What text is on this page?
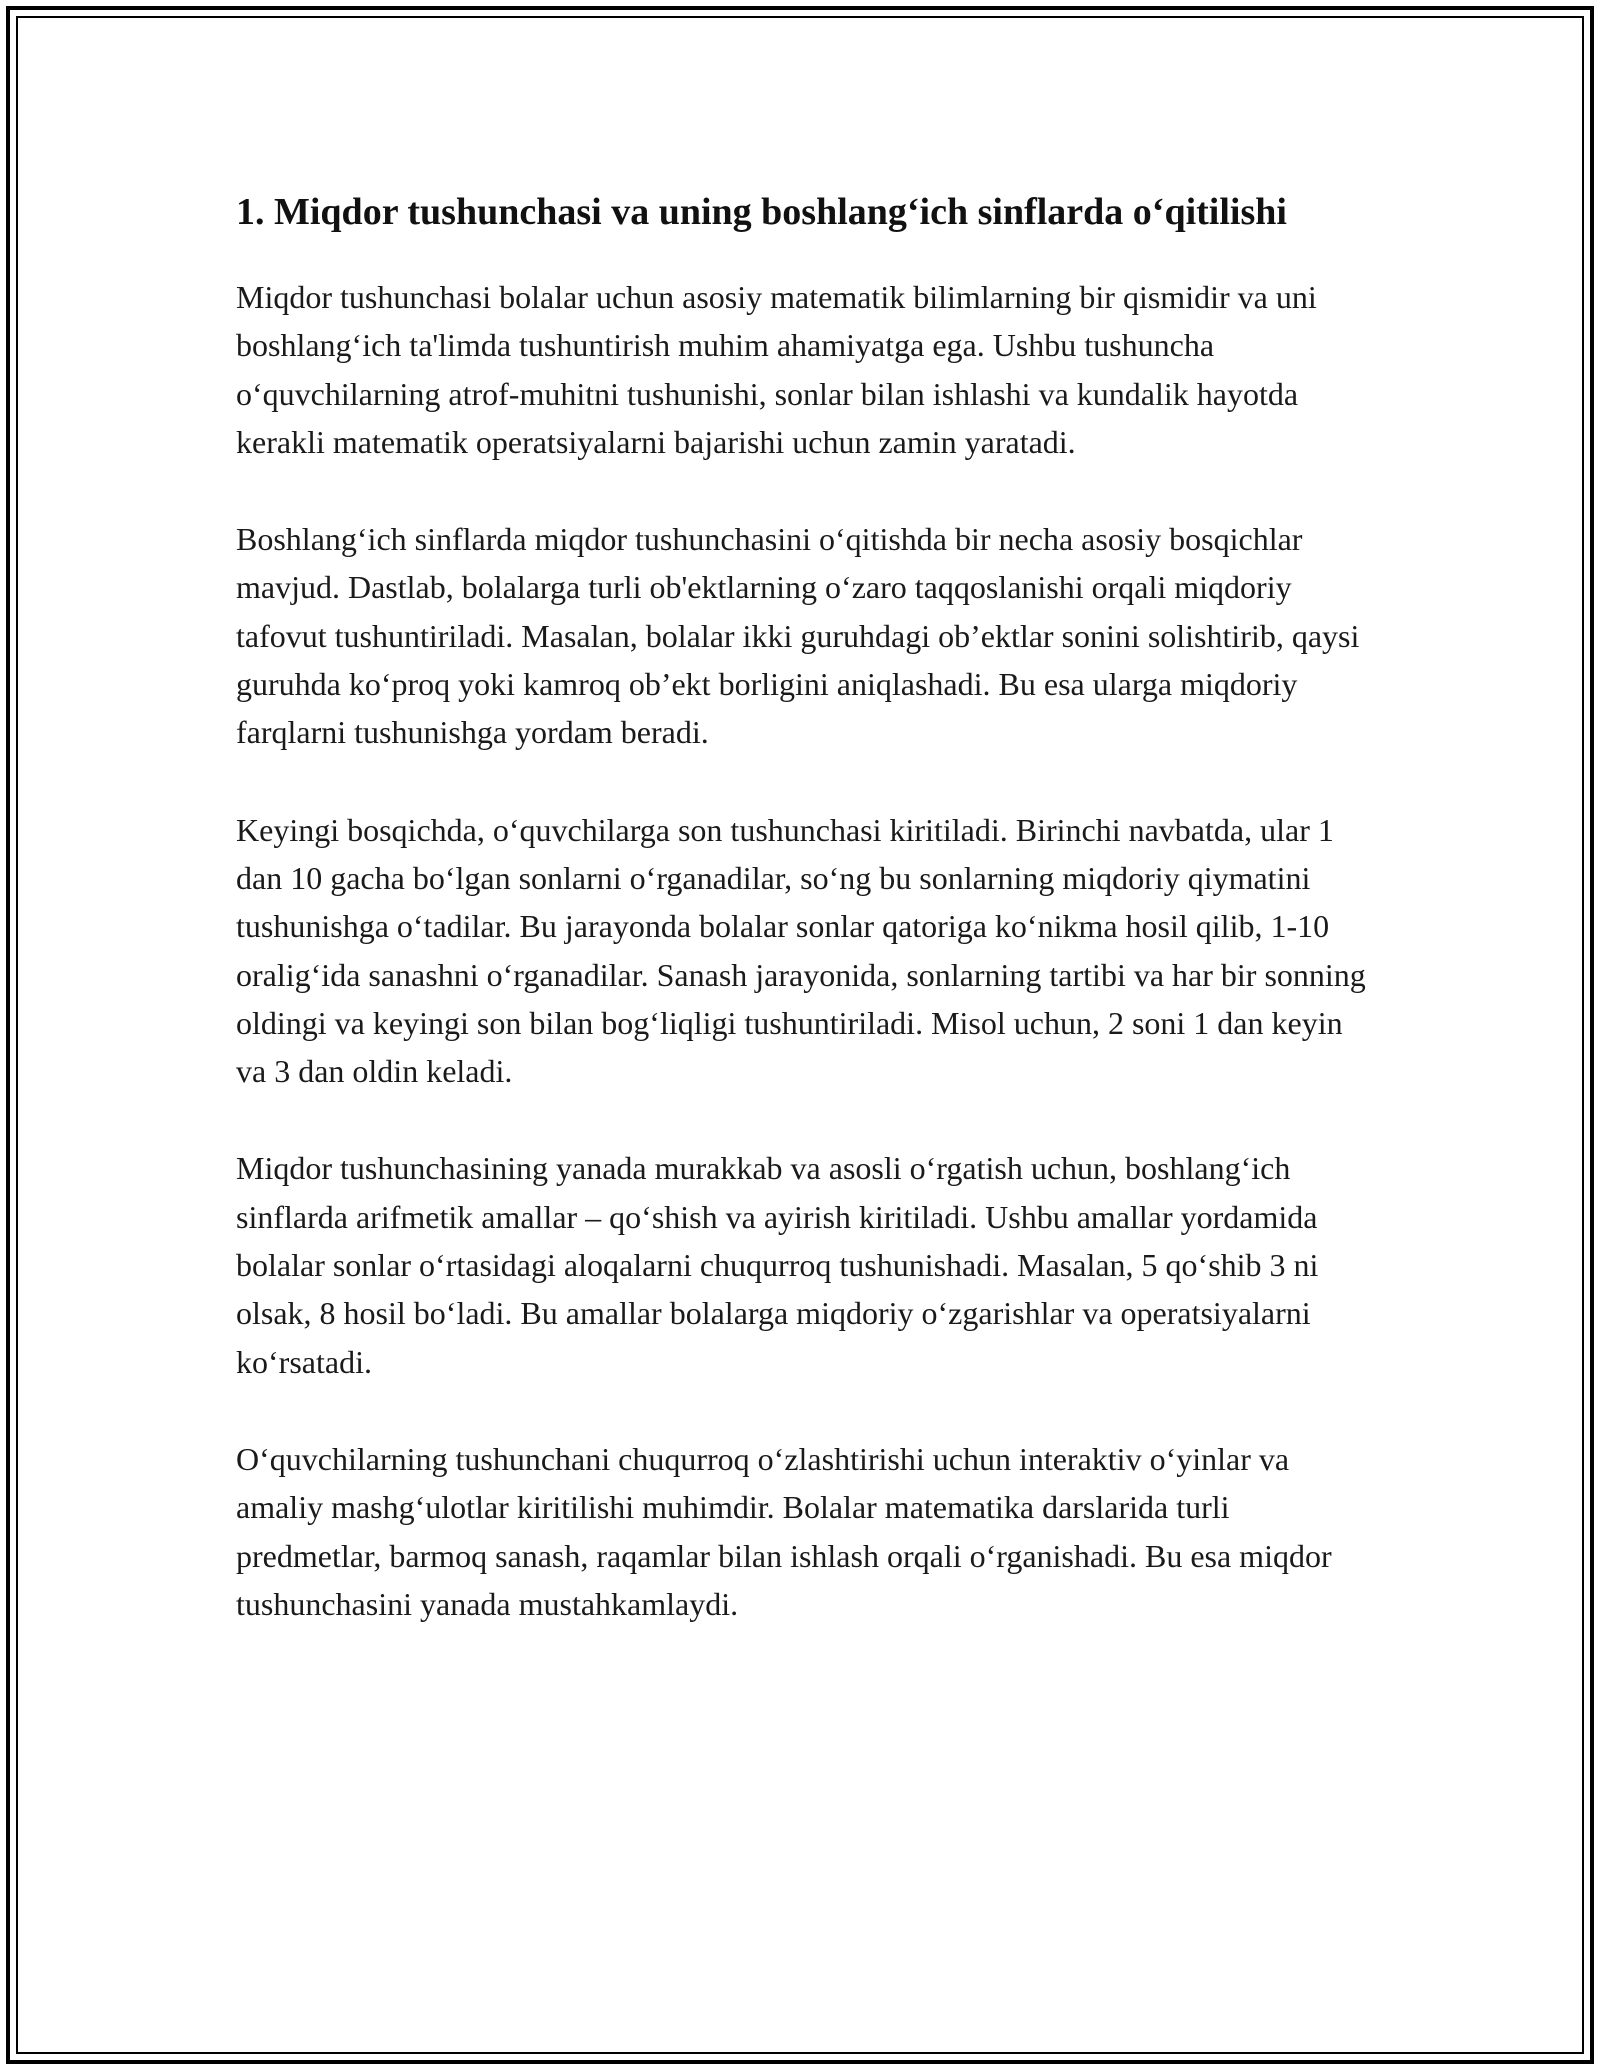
1. Miqdor tushunchasi va uning boshlang‘ich sinflarda o‘qitilishi

Miqdor tushunchasi bolalar uchun asosiy matematik bilimlarning bir qismidir va uni boshlang‘ich ta'limda tushuntirish muhim ahamiyatga ega. Ushbu tushuncha o‘quvchilarning atrof-muhitni tushunishi, sonlar bilan ishlashi va kundalik hayotda kerakli matematik operatsiyalarni bajarishi uchun zamin yaratadi.

Boshlang‘ich sinflarda miqdor tushunchasini o‘qitishda bir necha asosiy bosqichlar mavjud. Dastlab, bolalarga turli ob'ektlarning o‘zaro taqqoslanishi orqali miqdoriy tafovut tushuntiriladi. Masalan, bolalar ikki guruhdagi ob’ektlar sonini solishtirib, qaysi guruhda ko‘proq yoki kamroq ob’ekt borligini aniqlashadi. Bu esa ularga miqdoriy farqlarni tushunishga yordam beradi.

Keyingi bosqichda, o‘quvchilarga son tushunchasi kiritiladi. Birinchi navbatda, ular 1 dan 10 gacha bo‘lgan sonlarni o‘rganadilar, so‘ng bu sonlarning miqdoriy qiymatini tushunishga o‘tadilar. Bu jarayonda bolalar sonlar qatoriga ko‘nikma hosil qilib, 1-10 oralig‘ida sanashni o‘rganadilar. Sanash jarayonida, sonlarning tartibi va har bir sonning oldingi va keyingi son bilan bog‘liqligi tushuntiriladi. Misol uchun, 2 soni 1 dan keyin va 3 dan oldin keladi.

Miqdor tushunchasining yanada murakkab va asosli o‘rgatish uchun, boshlang‘ich sinflarda arifmetik amallar – qo‘shish va ayirish kiritiladi. Ushbu amallar yordamida bolalar sonlar o‘rtasidagi aloqalarni chuqurroq tushunishadi. Masalan, 5 qo‘shib 3 ni olsak, 8 hosil bo‘ladi. Bu amallar bolalarga miqdoriy o‘zgarishlar va operatsiyalarni ko‘rsatadi.

O‘quvchilarning tushunchani chuqurroq o‘zlashtirishi uchun interaktiv o‘yinlar va amaliy mashg‘ulotlar kiritilishi muhimdir. Bolalar matematika darslarida turli predmetlar, barmoq sanash, raqamlar bilan ishlash orqali o‘rganishadi. Bu esa miqdor tushunchasini yanada mustahkamlaydi.
